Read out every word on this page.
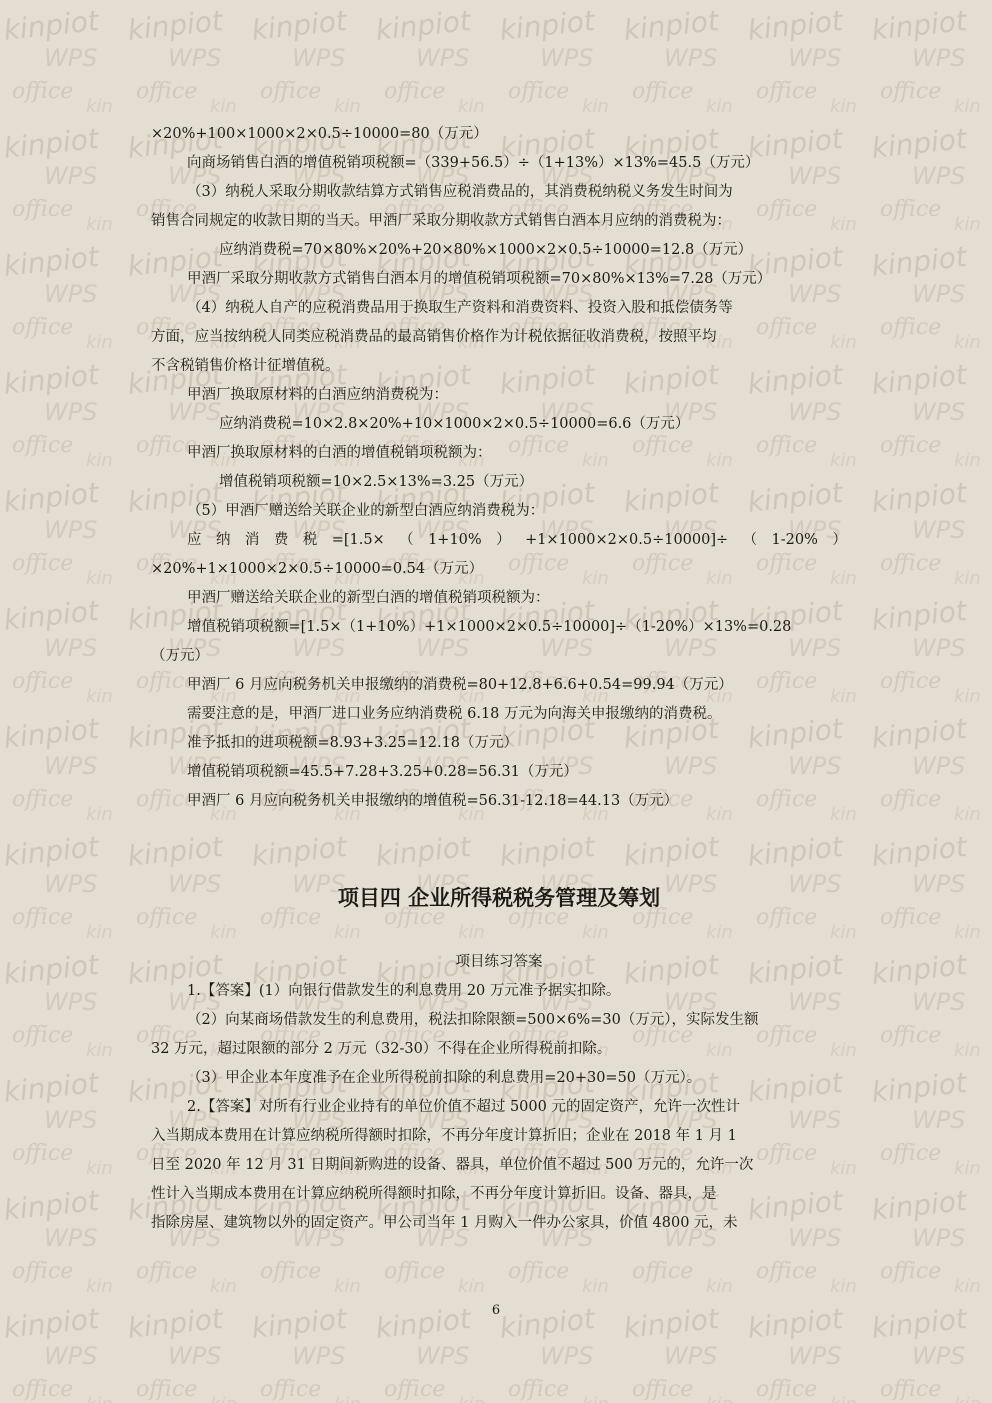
×20%+100×1000×2×0.5÷10000=80（万元）
向商场销售白酒的增值税销项税额=（339+56.5）÷（1+13%）×13%=45.5（万元）
（3）纳税人采取分期收款结算方式销售应税消费品的，其消费税纳税义务发生时间为
销售合同规定的收款日期的当天。甲酒厂采取分期收款方式销售白酒本月应纳的消费税为：
应纳消费税=70×80%×20%+20×80%×1000×2×0.5÷10000=12.8（万元）
甲酒厂采取分期收款方式销售白酒本月的增值税销项税额=70×80%×13%=7.28（万元）
（4）纳税人自产的应税消费品用于换取生产资料和消费资料、投资入股和抵偿债务等
方面，应当按纳税人同类应税消费品的最高销售价格作为计税依据征收消费税，按照平均
不含税销售价格计征增值税。
甲酒厂换取原材料的白酒应纳消费税为：
应纳消费税=10×2.8×20%+10×1000×2×0.5÷10000=6.6（万元）
甲酒厂换取原材料的白酒的增值税销项税额为：
增值税销项税额=10×2.5×13%=3.25（万元）
（5）甲酒厂赠送给关联企业的新型白酒应纳消费税为：
应 纳 消 费 税 =[1.5× （ 1+10% ） +1×1000×2×0.5÷10000]÷ （ 1-20% ）
×20%+1×1000×2×0.5÷10000=0.54（万元）
甲酒厂赠送给关联企业的新型白酒的增值税销项税额为：
增值税销项税额=[1.5×（1+10%）+1×1000×2×0.5÷10000]÷（1-20%）×13%=0.28
（万元）
甲酒厂 6 月应向税务机关申报缴纳的消费税=80+12.8+6.6+0.54=99.94（万元）
需要注意的是，甲酒厂进口业务应纳消费税 6.18 万元为向海关申报缴纳的消费税。
准予抵扣的进项税额=8.93+3.25=12.18（万元）
增值税销项税额=45.5+7.28+3.25+0.28=56.31（万元）
甲酒厂 6 月应向税务机关申报缴纳的增值税=56.31-12.18=44.13（万元）
项目四 企业所得税税务管理及筹划
项目练习答案
1.【答案】(1）向银行借款发生的利息费用 20 万元准予据实扣除。
（2）向某商场借款发生的利息费用，税法扣除限额=500×6%=30（万元），实际发生额
32 万元，超过限额的部分 2 万元（32-30）不得在企业所得税前扣除。
（3）甲企业本年度准予在企业所得税前扣除的利息费用=20+30=50（万元）。
2.【答案】对所有行业企业持有的单位价值不超过 5000 元的固定资产，允许一次性计
入当期成本费用在计算应纳税所得额时扣除，不再分年度计算折旧；企业在 2018 年 1 月 1
日至 2020 年 12 月 31 日期间新购进的设备、器具，单位价值不超过 500 万元的，允许一次
性计入当期成本费用在计算应纳税所得额时扣除，不再分年度计算折旧。设备、器具，是
指除房屋、建筑物以外的固定资产。甲公司当年 1 月购入一件办公家具，价值 4800 元，未
6
